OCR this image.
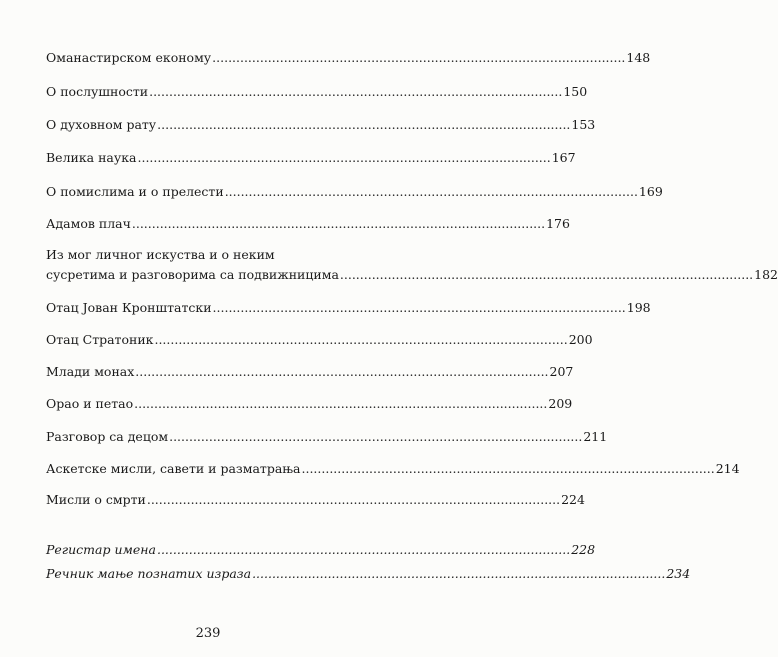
Оманастирском економу ........................................................................................................ 148
О послушности ........................................................................................................ 150
О духовном рату ........................................................................................................ 153
Велика наука ........................................................................................................ 167
О помислима и о прелести ........................................................................................................ 169
Адамов плач ........................................................................................................ 176
Из мог личног искуства и о неким
сусретима и разговорима са подвижницима ........................................................................................................ 182
Отац Јован Кронштатски ........................................................................................................ 198
Отац Стратоник ........................................................................................................ 200
Млади монах ........................................................................................................ 207
Орао и петао ........................................................................................................ 209
Разговор са децом ........................................................................................................ 211
Аскетске мисли, савети и разматрања ........................................................................................................ 214
Мисли о смрти ........................................................................................................ 224
Регистар имена ........................................................................................................ 228
Речник мање познатих израза ........................................................................................................ 234
239
